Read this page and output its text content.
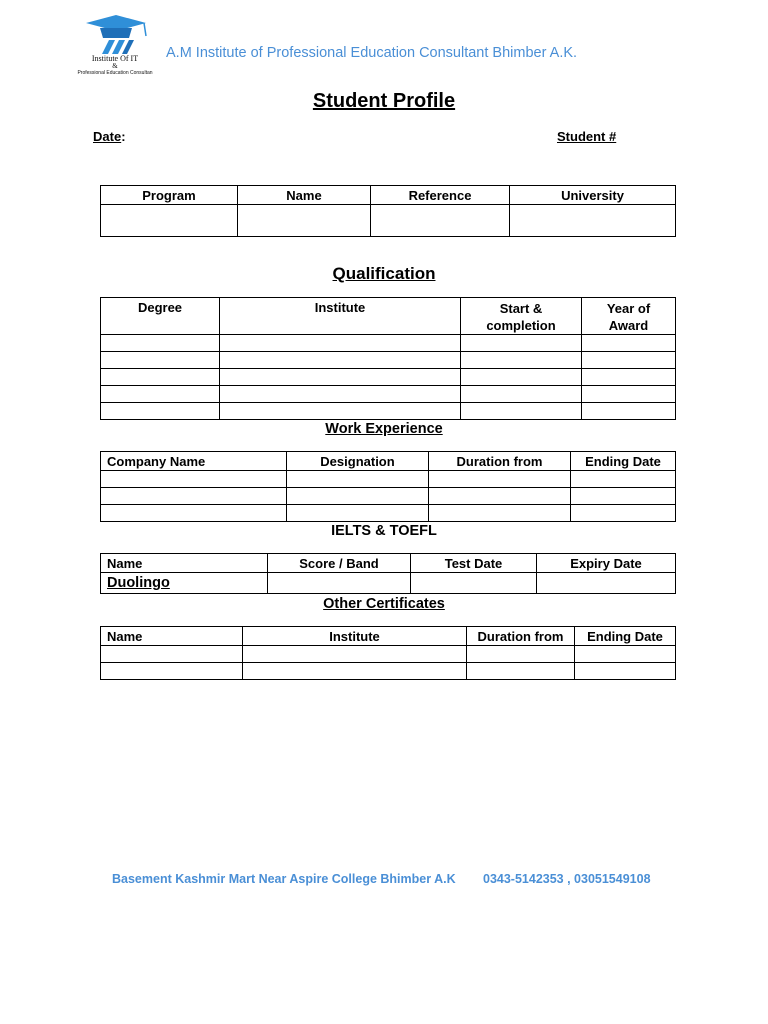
Institute Of IT
&
Professional Education Consultan
A.M Institute of Professional Education Consultant Bhimber A.K.
Student Profile
Date:	Student #
Program	Name	Reference	University

Qualification
Degree	Institute	Start & completion	Year of Award

Work Experience
Company Name	Designation	Duration from	Ending Date

IELTS & TOEFL
Name	Score / Band	Test Date	Expiry Date
Duolingo			
Other Certificates
Name	Institute	Duration from	Ending Date

Basement Kashmir Mart Near Aspire College Bhimber A.K 0343-5142353 , 03051549108
